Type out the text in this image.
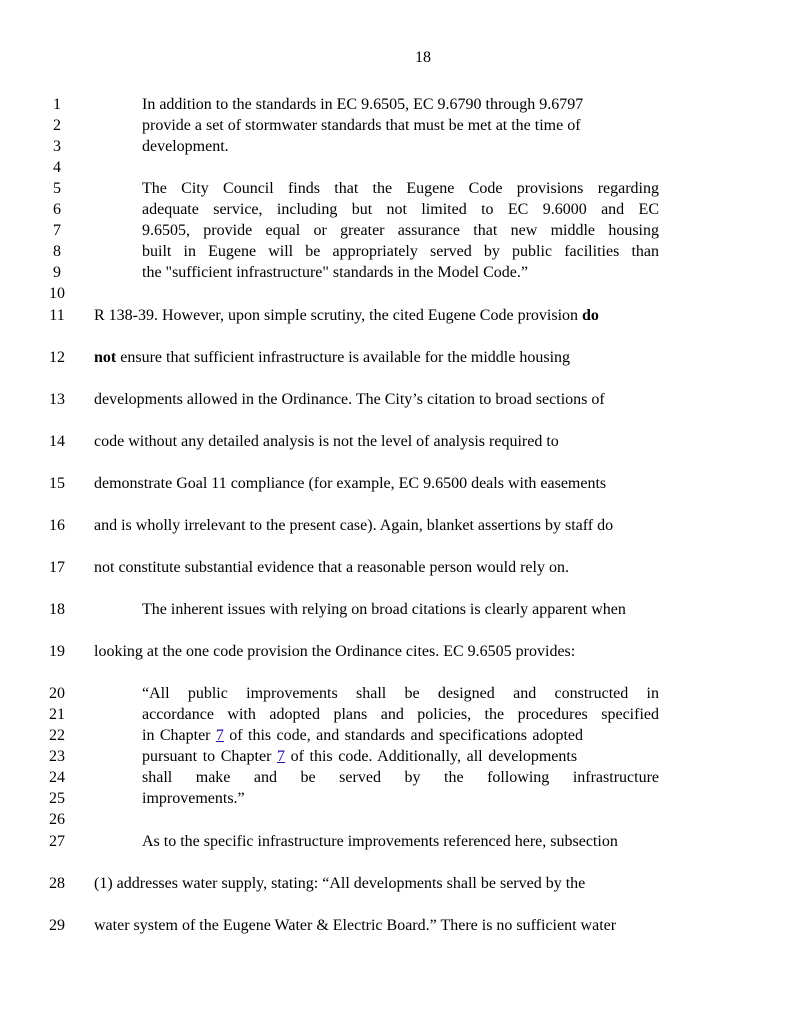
18
1
2
3
4
5
6
7
8
9
10
11
12
13
14
15
16
17
18
19
20
21
22
23
24
25
26
27
28
29
In addition to the standards in EC 9.6505, EC 9.6790 through 9.6797
provide a set of stormwater standards that must be met at the time of
development.
The City Council finds that the Eugene Code provisions regarding
adequate service, including but not limited to EC 9.6000 and EC
9.6505, provide equal or greater assurance that new middle housing
built in Eugene will be appropriately served by public facilities than
the "sufficient infrastructure" standards in the Model Code.”
R 138-39. However, upon simple scrutiny, the cited Eugene Code provision do
not ensure that sufficient infrastructure is available for the middle housing
developments allowed in the Ordinance. The City’s citation to broad sections of
code without any detailed analysis is not the level of analysis required to
demonstrate Goal 11 compliance (for example, EC 9.6500 deals with easements
and is wholly irrelevant to the present case). Again, blanket assertions by staff do
not constitute substantial evidence that a reasonable person would rely on.
The inherent issues with relying on broad citations is clearly apparent when
looking at the one code provision the Ordinance cites. EC 9.6505 provides:
“All public improvements shall be designed and constructed in
accordance with adopted plans and policies, the procedures specified
in Chapter 7 of this code, and standards and specifications adopted
pursuant to Chapter 7 of this code. Additionally, all developments
shall make and be served by the following infrastructure
improvements.”
As to the specific infrastructure improvements referenced here, subsection
(1) addresses water supply, stating: “All developments shall be served by the
water system of the Eugene Water & Electric Board.” There is no sufficient water
